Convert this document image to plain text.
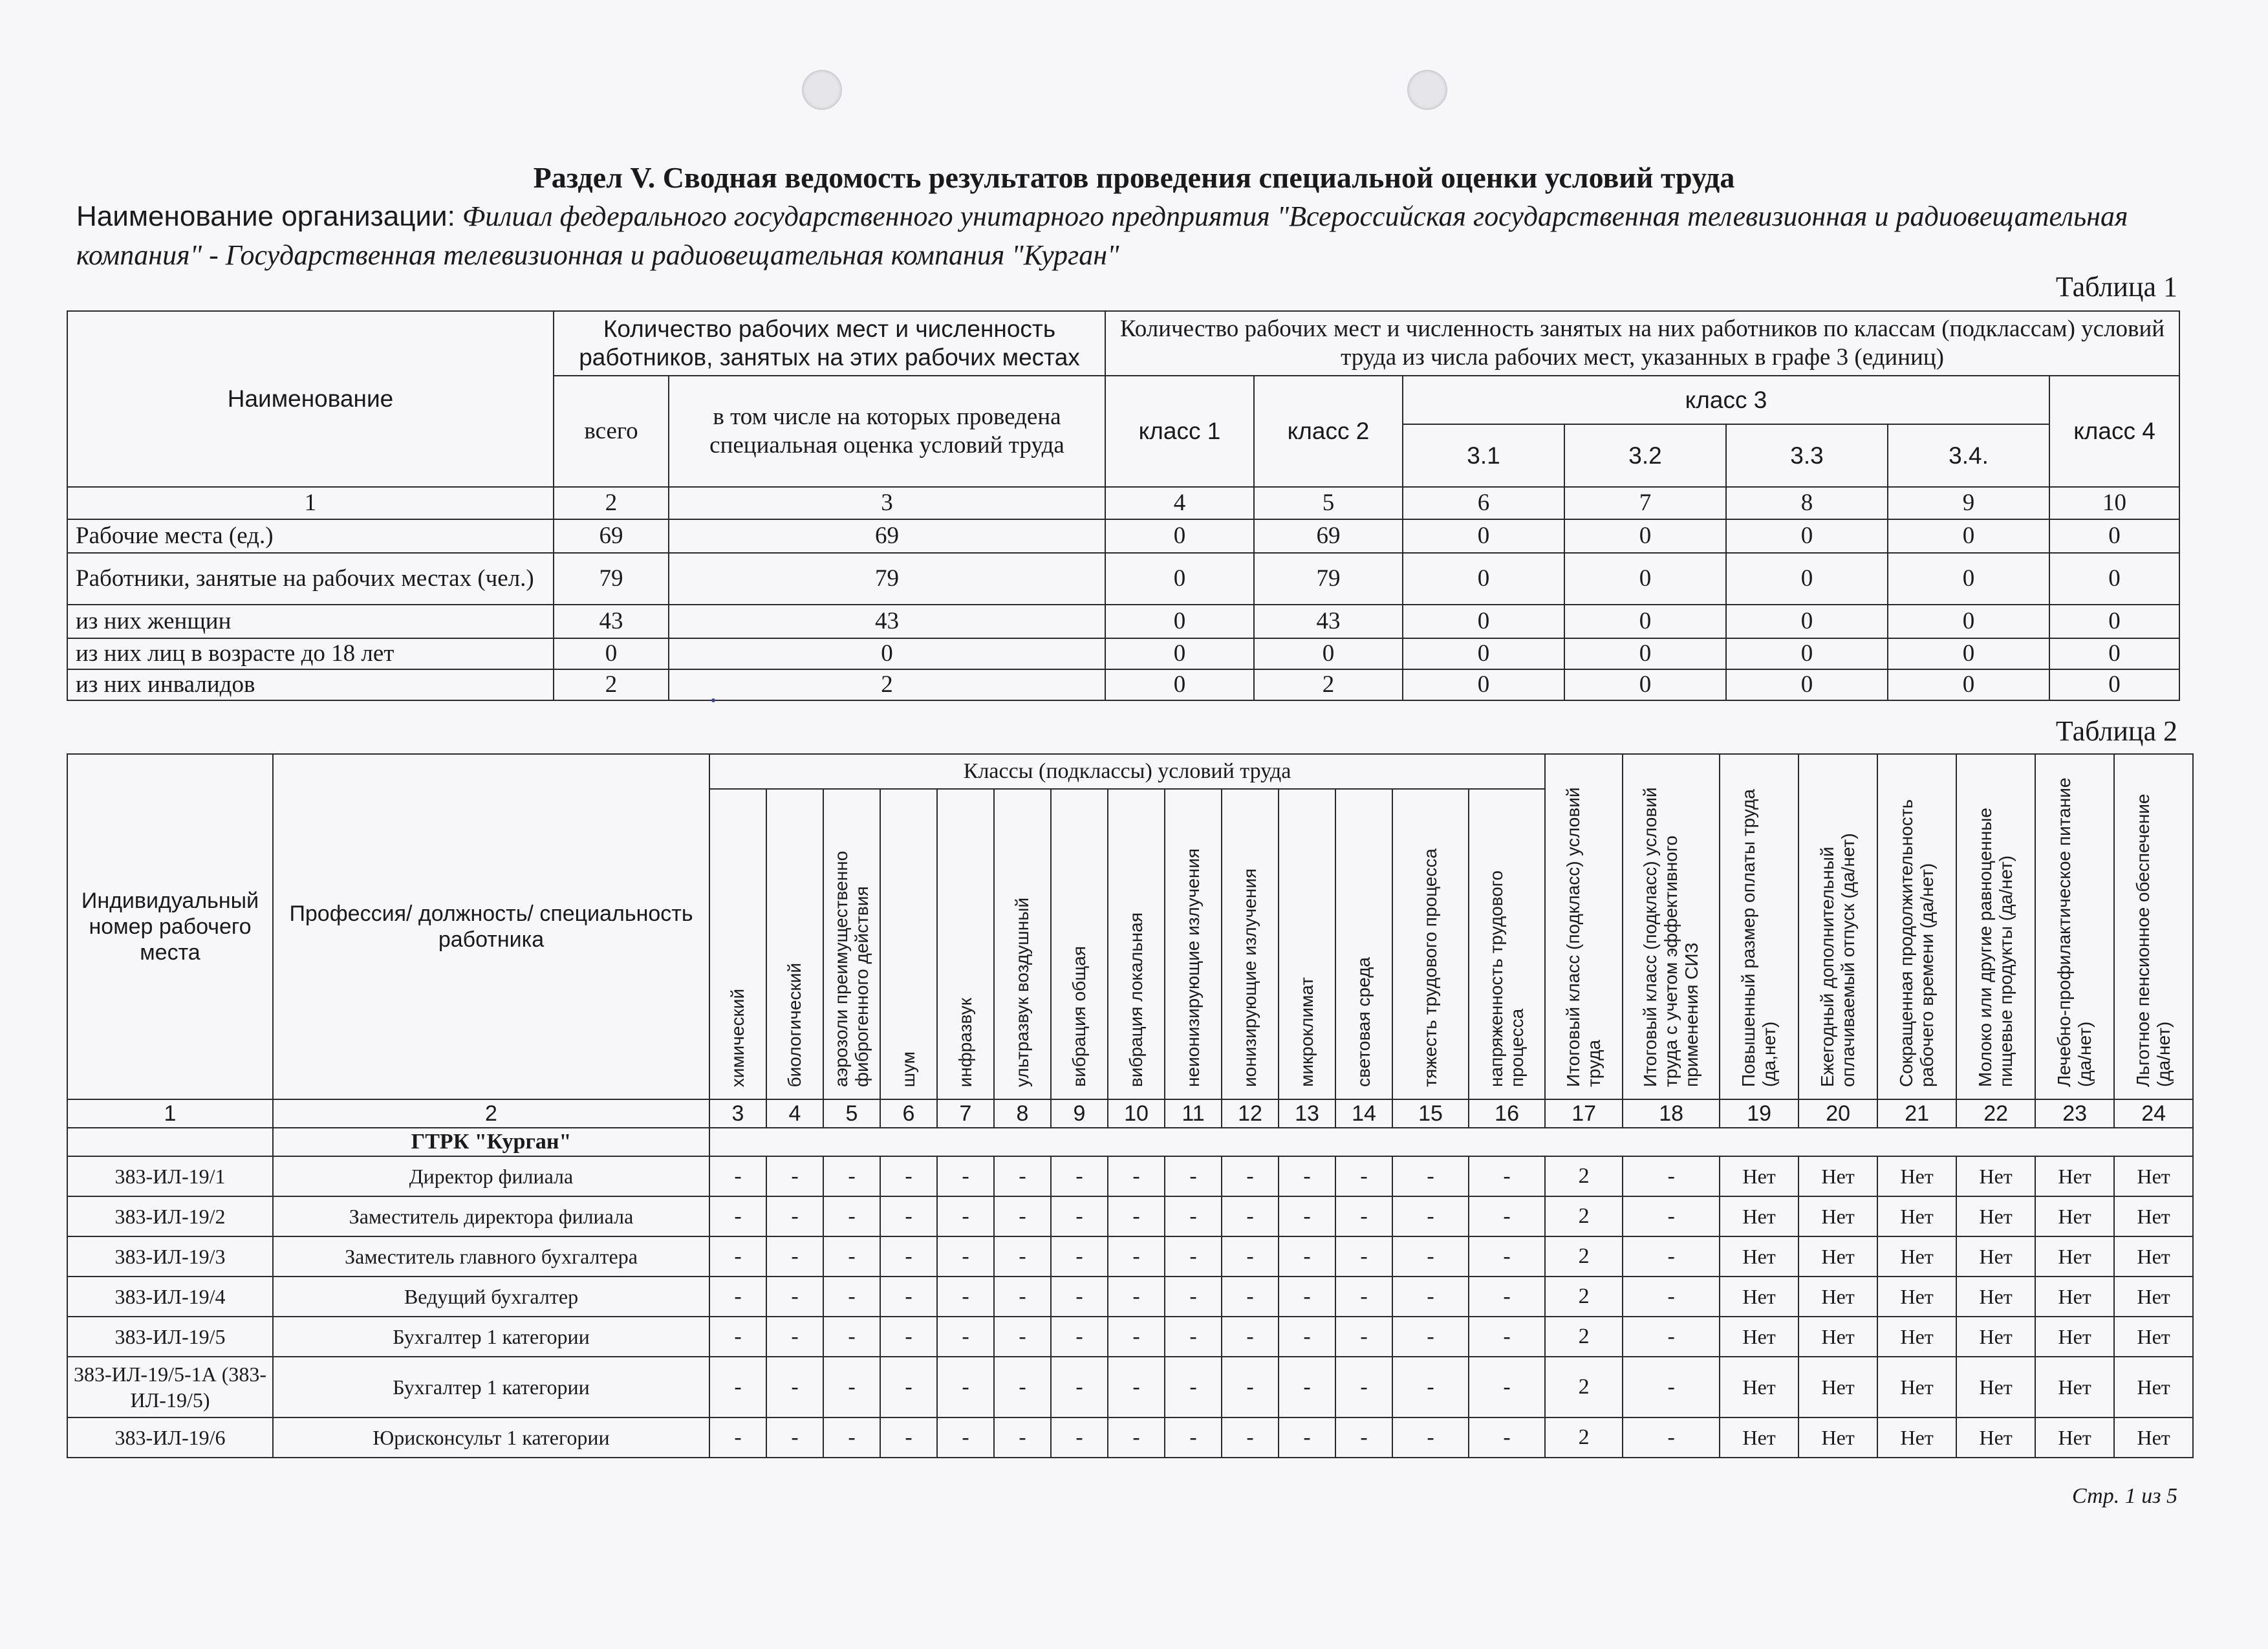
Раздел V. Сводная ведомость результатов проведения специальной оценки условий труда
Наименование организации: Филиал федерального государственного унитарного предприятия "Всероссийская государственная телевизионная и радиовещательная компания" - Государственная телевизионная и радиовещательная компания "Курган"
Таблица 1
Наименование	Количество рабочих мест и численность работников, занятых на этих рабочих местах		Количество рабочих мест и численность занятых на них работников по классам (подклассам) условий труда из числа рабочих мест, указанных в графе 3 (единиц)						
	всего	в том числе на которых проведена специальная оценка условий труда	класс 1	класс 2	класс 3				класс 4
					3.1	3.2	3.3	3.4.	
1	2	3	4	5	6	7	8	9	10
Рабочие места (ед.)	69	69	0	69	0	0	0	0	0
Работники, занятые на рабочих местах (чел.)	79	79	0	79	0	0	0	0	0
из них женщин	43	43	0	43	0	0	0	0	0
из них лиц в возрасте до 18 лет	0	0	0	0	0	0	0	0	0
из них инвалидов	2	2	0	2	0	0	0	0	0
Таблица 2
Индивидуальный номер рабочего места	Профессия/ должность/ специальность работника	Классы (подклассы) условий труда														Итоговый класс (подкласс) условий труда	Итоговый класс (подкласс) условий труда с учетом эффективного применения СИЗ	Повышенный размер оплаты труда (да,нет)	Ежегодный дополнительный оплачиваемый отпуск (да/нет)	Сокращенная продолжительность рабочего времени (да/нет)	Молоко или другие равноценные пищевые продукты (да/нет)	Лечебно-профилактическое питание (да/нет)	Льготное пенсионное обеспечение (да/нет)
		химический	биологический	аэрозоли преимущественно фиброгенного действия	шум	инфразвук	ультразвук воздушный	вибрация общая	вибрация локальная	неионизирующие излучения	ионизирующие излучения	микроклимат	световая среда	тяжесть трудового процесса	напряженность трудового процесса								
1	2	3	4	5	6	7	8	9	10	11	12	13	14	15	16	17	18	19	20	21	22	23	24
	ГТРК "Курган"																						
383-ИЛ-19/1	Директор филиала	-	-	-	-	-	-	-	-	-	-	-	-	-	-	2	-	Нет	Нет	Нет	Нет	Нет	Нет
383-ИЛ-19/2	Заместитель директора филиала	-	-	-	-	-	-	-	-	-	-	-	-	-	-	2	-	Нет	Нет	Нет	Нет	Нет	Нет
383-ИЛ-19/3	Заместитель главного бухгалтера	-	-	-	-	-	-	-	-	-	-	-	-	-	-	2	-	Нет	Нет	Нет	Нет	Нет	Нет
383-ИЛ-19/4	Ведущий бухгалтер	-	-	-	-	-	-	-	-	-	-	-	-	-	-	2	-	Нет	Нет	Нет	Нет	Нет	Нет
383-ИЛ-19/5	Бухгалтер 1 категории	-	-	-	-	-	-	-	-	-	-	-	-	-	-	2	-	Нет	Нет	Нет	Нет	Нет	Нет
383-ИЛ-19/5-1А (383-ИЛ-19/5)	Бухгалтер 1 категории	-	-	-	-	-	-	-	-	-	-	-	-	-	-	2	-	Нет	Нет	Нет	Нет	Нет	Нет
383-ИЛ-19/6	Юрисконсульт 1 категории	-	-	-	-	-	-	-	-	-	-	-	-	-	-	2	-	Нет	Нет	Нет	Нет	Нет	Нет
Стр. 1 из 5
